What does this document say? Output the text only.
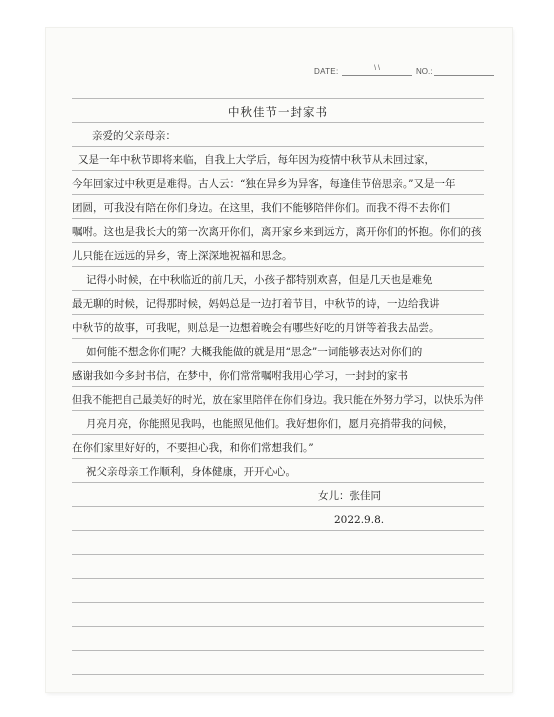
DATE:	\ \	NO.:
中秋佳节一封家书
亲爱的父亲母亲：
又是一年中秋节即将来临，自我上大学后，每年因为疫情中秋节从未回过家，
今年回家过中秋更是难得。古人云：“独在异乡为异客，每逢佳节倍思亲。”又是一年
团圆，可我没有陪在你们身边。在这里，我们不能够陪伴你们。而我不得不去你们
嘱咐。这也是我长大的第一次离开你们，离开家乡来到远方，离开你们的怀抱。你们的孩
儿只能在远远的异乡，寄上深深地祝福和思念。
记得小时候，在中秋临近的前几天，小孩子都特别欢喜，但是几天也是难免
最无聊的时候，记得那时候，妈妈总是一边打着节目，中秋节的诗，一边给我讲
中秋节的故事，可我呢，则总是一边想着晚会有哪些好吃的月饼等着我去品尝。
如何能不想念你们呢？大概我能做的就是用“思念”一词能够表达对你们的
感谢我如今多封书信，在梦中，你们常常嘱咐我用心学习，一封封的家书
但我不能把自己最美好的时光，放在家里陪伴在你们身边。我只能在外努力学习，以快乐为伴
月亮月亮，你能照见我吗，也能照见他们。我好想你们，愿月亮捎带我的问候，
在你们家里好好的，不要担心我，和你们常想我们。”
祝父亲母亲工作顺利，身体健康，开开心心。
女儿：张佳同
2022.9.8.
